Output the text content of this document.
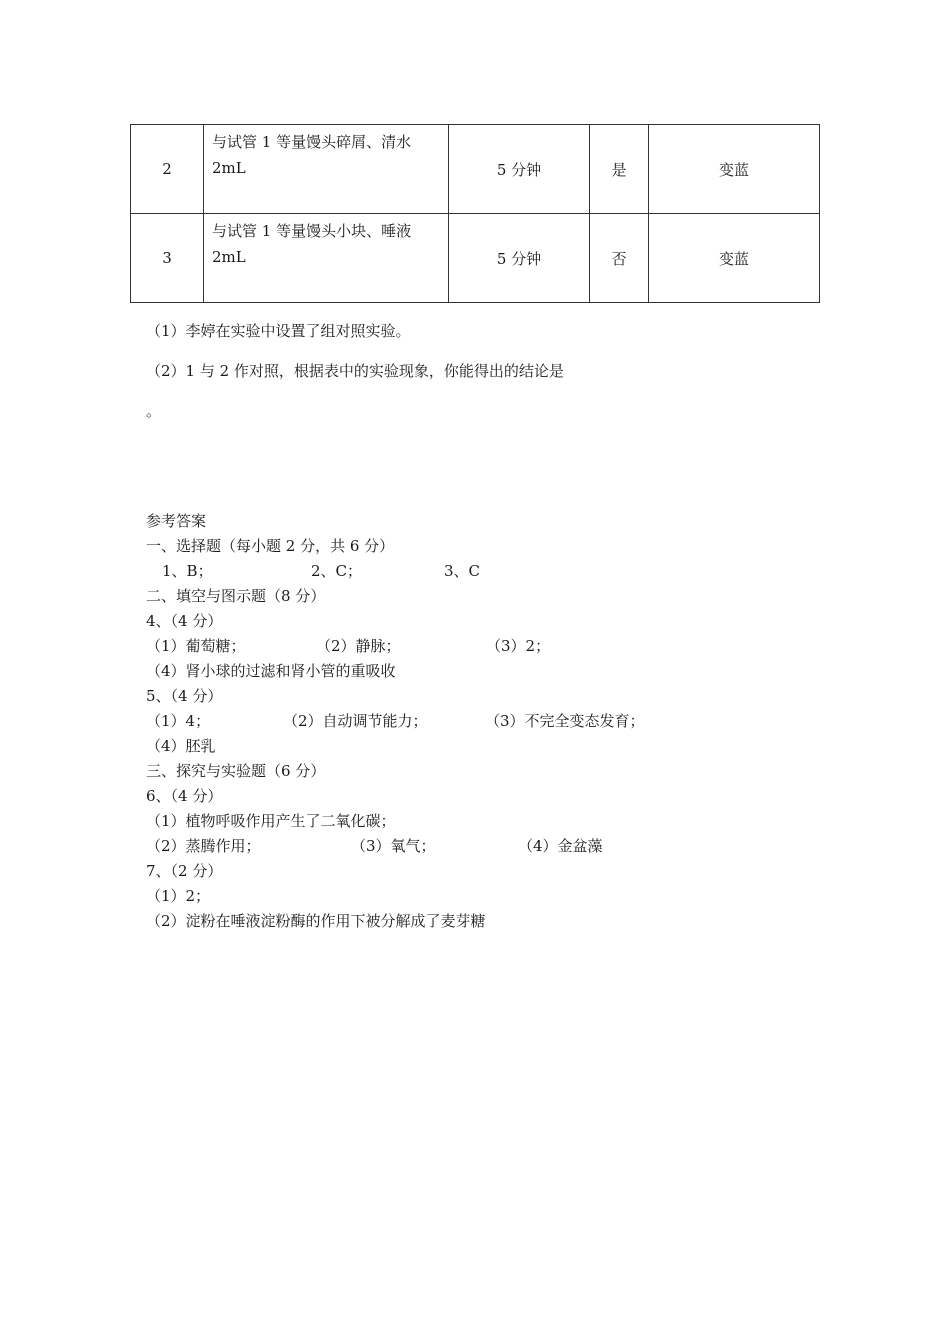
2	与试管 1 等量馒头碎屑、清水 2mL	5 分钟	是	变蓝
3	与试管 1 等量馒头小块、唾液 2mL	5 分钟	否	变蓝
（1）李婷在实验中设置了组对照实验。
（2）1 与 2 作对照，根据表中的实验现象，你能得出的结论是
。
参考答案
一、选择题（每小题 2 分，共 6 分）
1、B；	2、C；	3、C
二、填空与图示题（8 分）
4、（4 分）
（1）葡萄糖；	（2）静脉；	（3）2；
（4）肾小球的过滤和肾小管的重吸收
5、（4 分）
（1）4；	（2）自动调节能力；	（3）不完全变态发育；
（4）胚乳
三、探究与实验题（6 分）
6、（4 分）
（1）植物呼吸作用产生了二氧化碳；
（2）蒸腾作用；	（3）氧气；	（4）金盆藻
7、（2 分）
（1）2；
（2）淀粉在唾液淀粉酶的作用下被分解成了麦芽糖
